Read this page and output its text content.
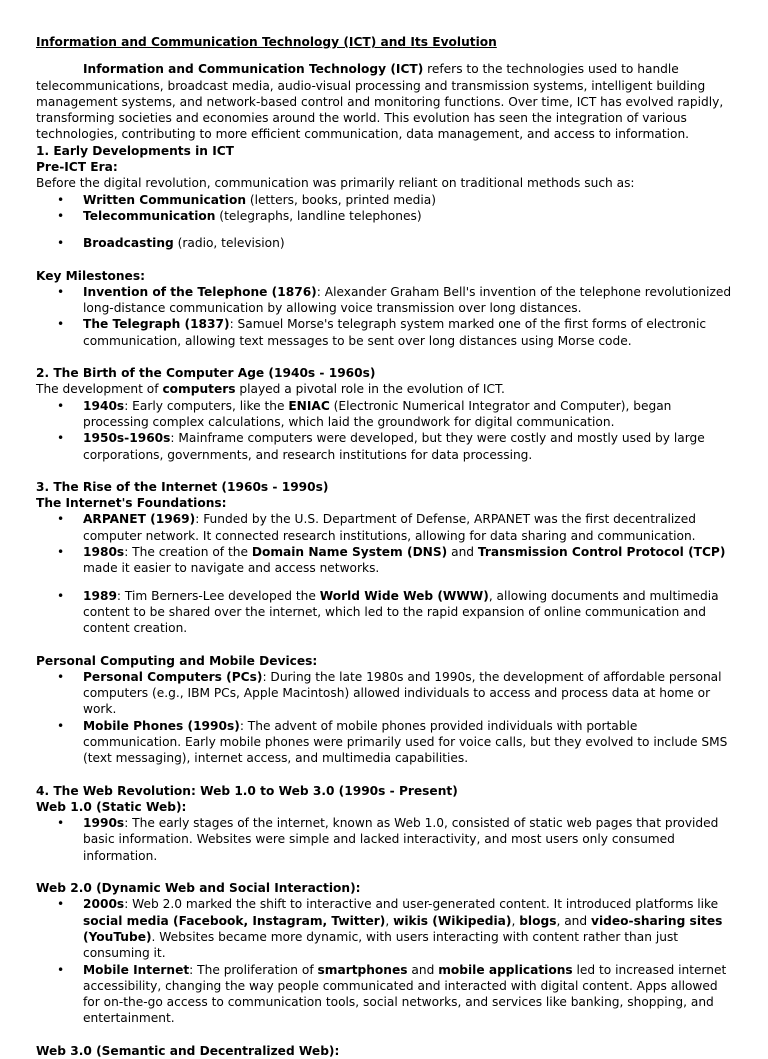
Information and Communication Technology (ICT) and Its Evolution

Information and Communication Technology (ICT) refers to the technologies used to handle telecommunications, broadcast media, audio-visual processing and transmission systems, intelligent building management systems, and network-based control and monitoring functions. Over time, ICT has evolved rapidly, transforming societies and economies around the world. This evolution has seen the integration of various technologies, contributing to more efficient communication, data management, and access to information.

1. Early Developments in ICT

Pre-ICT Era:

Before the digital revolution, communication was primarily reliant on traditional methods such as:

• Written Communication (letters, books, printed media)
• Telecommunication (telegraphs, landline telephones)
• Broadcasting (radio, television)

Key Milestones:

• Invention of the Telephone (1876): Alexander Graham Bell's invention of the telephone revolutionized long-distance communication by allowing voice transmission over long distances.
• The Telegraph (1837): Samuel Morse's telegraph system marked one of the first forms of electronic communication, allowing text messages to be sent over long distances using Morse code.

2. The Birth of the Computer Age (1940s - 1960s)

The development of computers played a pivotal role in the evolution of ICT.

• 1940s: Early computers, like the ENIAC (Electronic Numerical Integrator and Computer), began processing complex calculations, which laid the groundwork for digital communication.
• 1950s-1960s: Mainframe computers were developed, but they were costly and mostly used by large corporations, governments, and research institutions for data processing.

3. The Rise of the Internet (1960s - 1990s)

The Internet's Foundations:

• ARPANET (1969): Funded by the U.S. Department of Defense, ARPANET was the first decentralized computer network. It connected research institutions, allowing for data sharing and communication.
• 1980s: The creation of the Domain Name System (DNS) and Transmission Control Protocol (TCP) made it easier to navigate and access networks.
• 1989: Tim Berners-Lee developed the World Wide Web (WWW), allowing documents and multimedia content to be shared over the internet, which led to the rapid expansion of online communication and content creation.

Personal Computing and Mobile Devices:

• Personal Computers (PCs): During the late 1980s and 1990s, the development of affordable personal computers (e.g., IBM PCs, Apple Macintosh) allowed individuals to access and process data at home or work.
• Mobile Phones (1990s): The advent of mobile phones provided individuals with portable communication. Early mobile phones were primarily used for voice calls, but they evolved to include SMS (text messaging), internet access, and multimedia capabilities.

4. The Web Revolution: Web 1.0 to Web 3.0 (1990s - Present)

Web 1.0 (Static Web):

• 1990s: The early stages of the internet, known as Web 1.0, consisted of static web pages that provided basic information. Websites were simple and lacked interactivity, and most users only consumed information.

Web 2.0 (Dynamic Web and Social Interaction):

• 2000s: Web 2.0 marked the shift to interactive and user-generated content. It introduced platforms like social media (Facebook, Instagram, Twitter), wikis (Wikipedia), blogs, and video-sharing sites (YouTube). Websites became more dynamic, with users interacting with content rather than just consuming it.
• Mobile Internet: The proliferation of smartphones and mobile applications led to increased internet accessibility, changing the way people communicated and interacted with digital content. Apps allowed for on-the-go access to communication tools, social networks, and services like banking, shopping, and entertainment.

Web 3.0 (Semantic and Decentralized Web):
